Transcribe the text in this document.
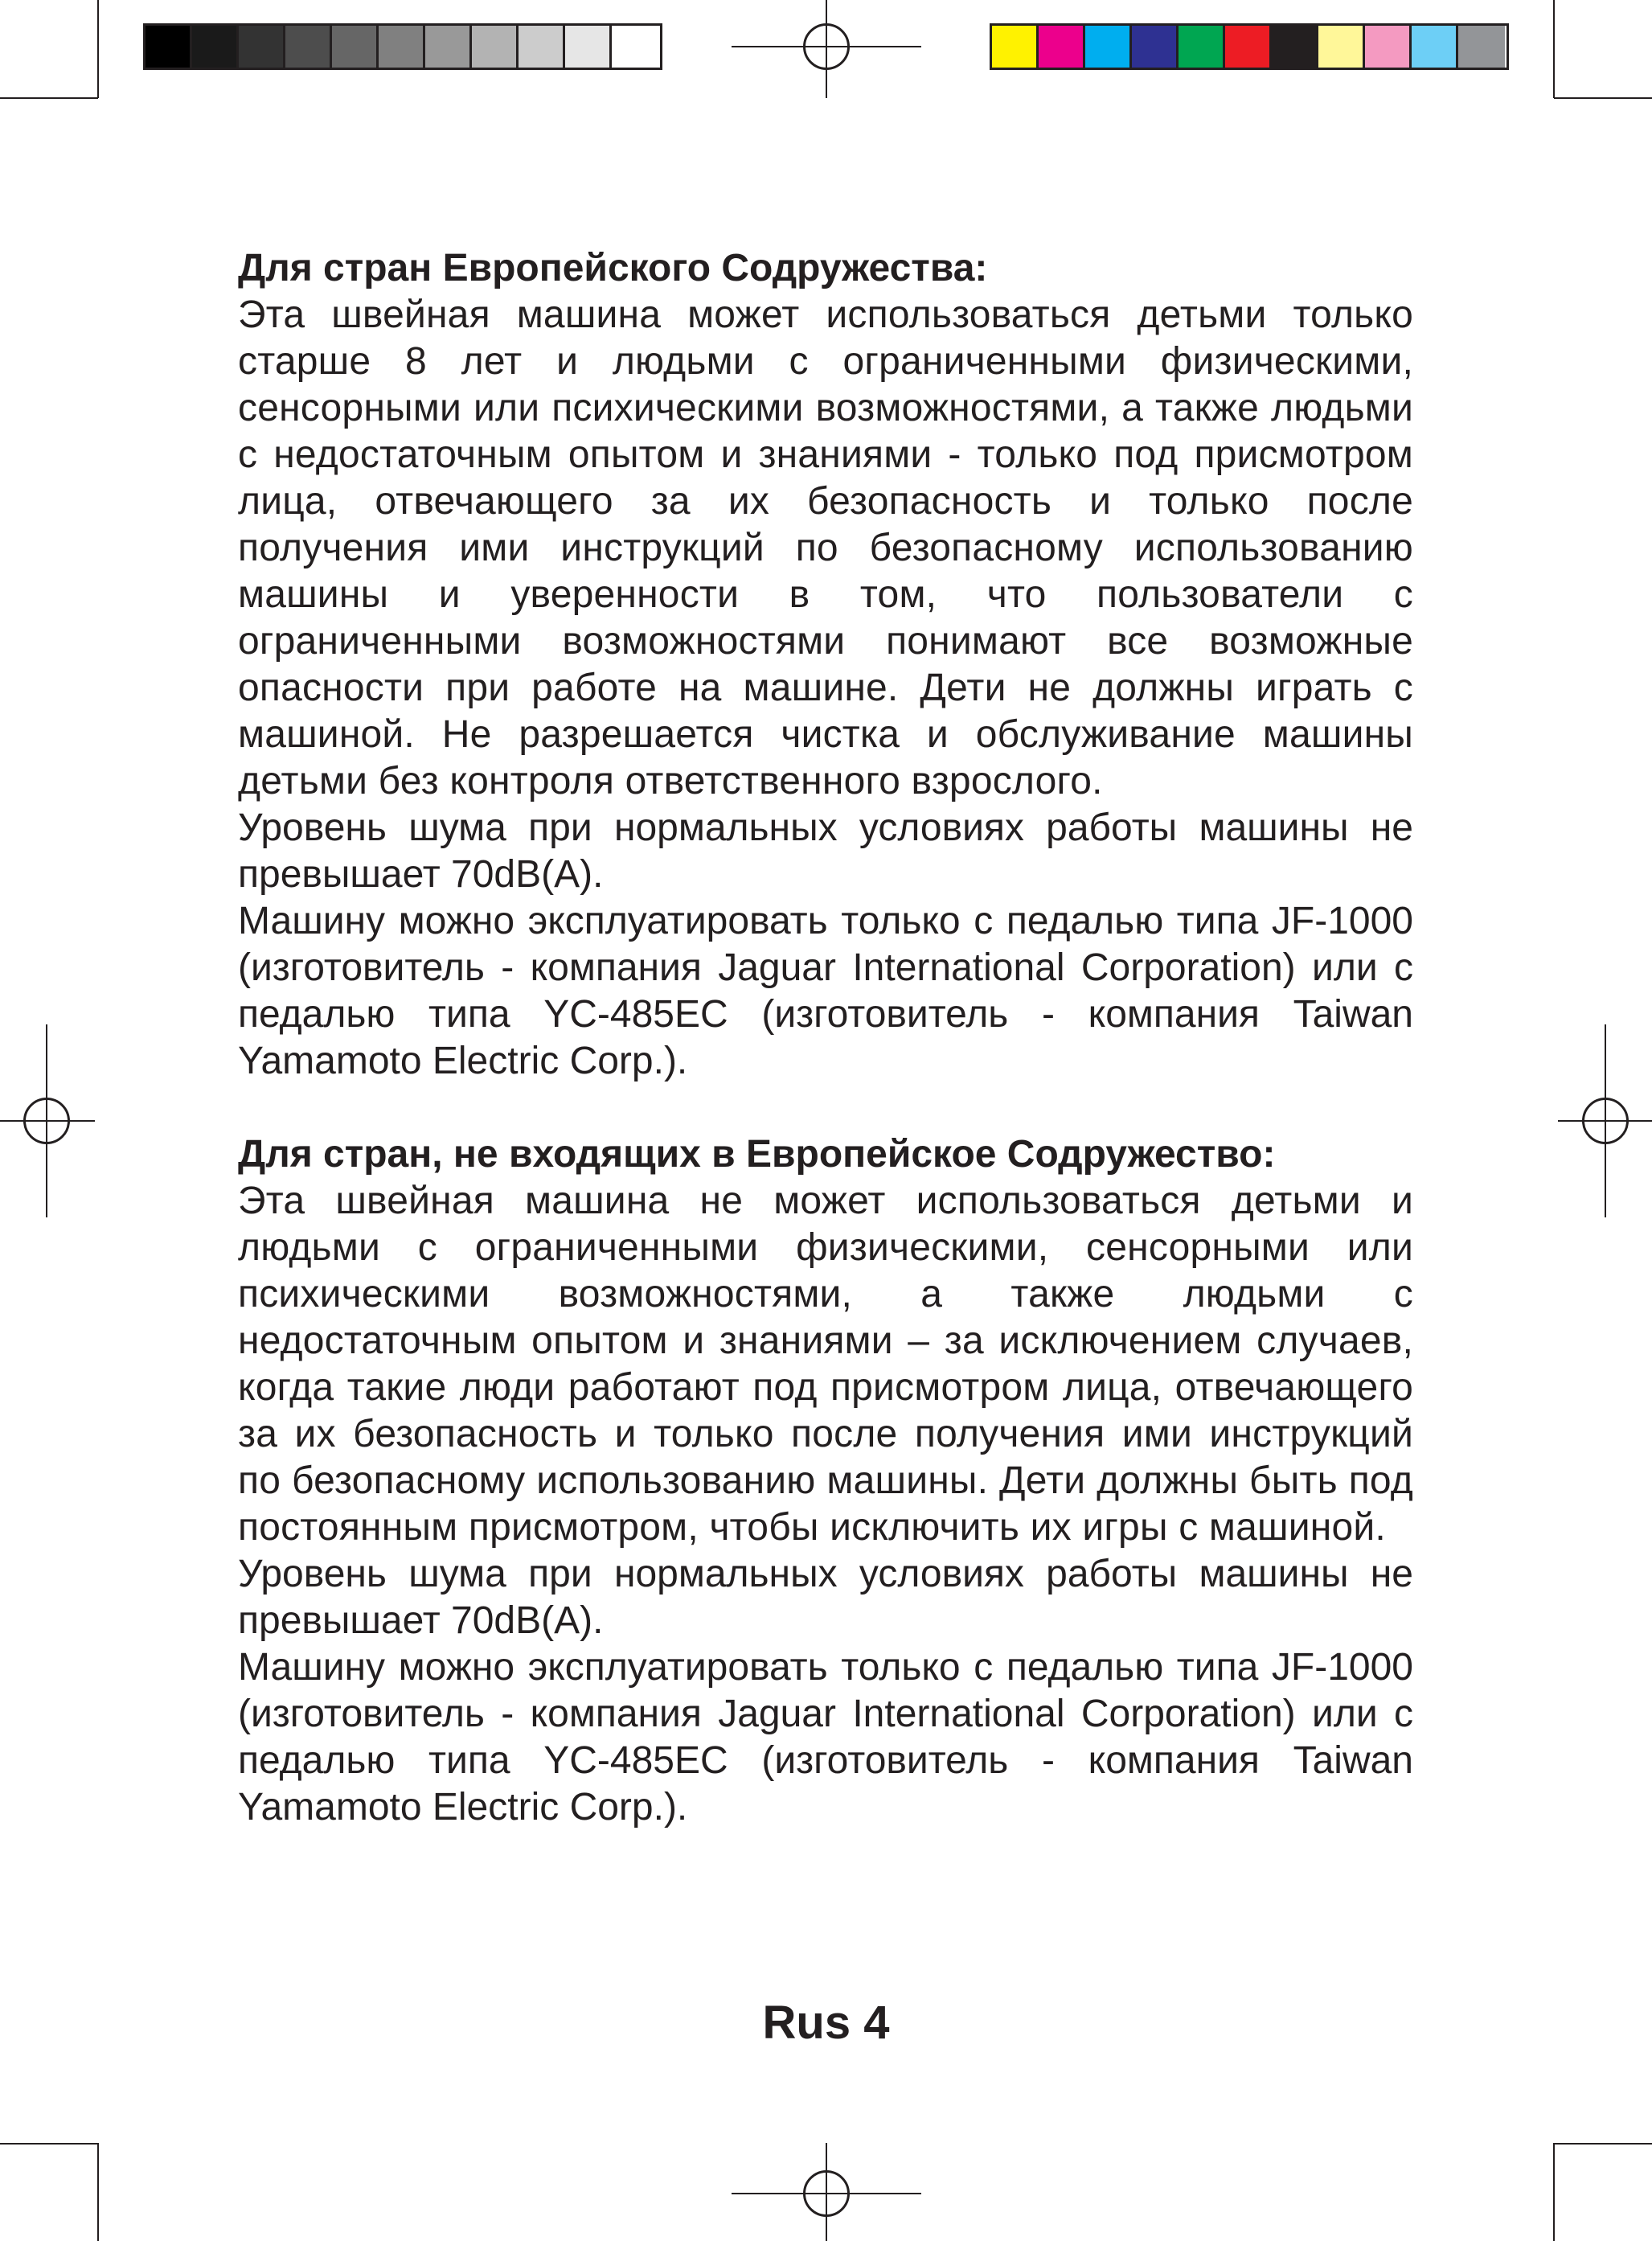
Для стран Европейского Содружества:

Эта швейная машина может использоваться детьми только старше 8 лет и людьми с ограниченными физическими, сенсорными или психическими возможностями, а также людьми с недостаточным опытом и знаниями - только под присмотром лица, отвечающего за их безопасность и только после получения ими инструкций по безопасному использованию машины и уверенности в том, что пользователи с ограниченными возможностями понимают все возможные опасности при работе на машине. Дети не должны играть с машиной. Не разрешается чистка и обслуживание машины детьми без контроля ответственного взрослого.

Уровень шума при нормальных условиях работы машины не превышает 70dB(A).

Машину можно эксплуатировать только с педалью типа JF-1000 (изготовитель - компания Jaguar International Corporation) или с педалью типа YC-485EC (изготовитель - компания Taiwan Yamamoto Electric Corp.).

Для стран, не входящих в Европейское Содружество:

Эта швейная машина не может использоваться детьми и людьми с ограниченными физическими, сенсорными или психическими возможностями, а также людьми с недостаточным опытом и знаниями – за исключением случаев, когда такие люди работают под присмотром лица, отвечающего за их безопасность и только после получения ими инструкций по безопасному использованию машины. Дети должны быть под постоянным присмотром, чтобы исключить их игры с машиной.

Уровень шума при нормальных условиях работы машины не превышает 70dB(A).

Машину можно эксплуатировать только с педалью типа JF-1000 (изготовитель - компания Jaguar International Corporation) или с педалью типа YC-485EC (изготовитель - компания Taiwan Yamamoto Electric Corp.).

Rus 4
